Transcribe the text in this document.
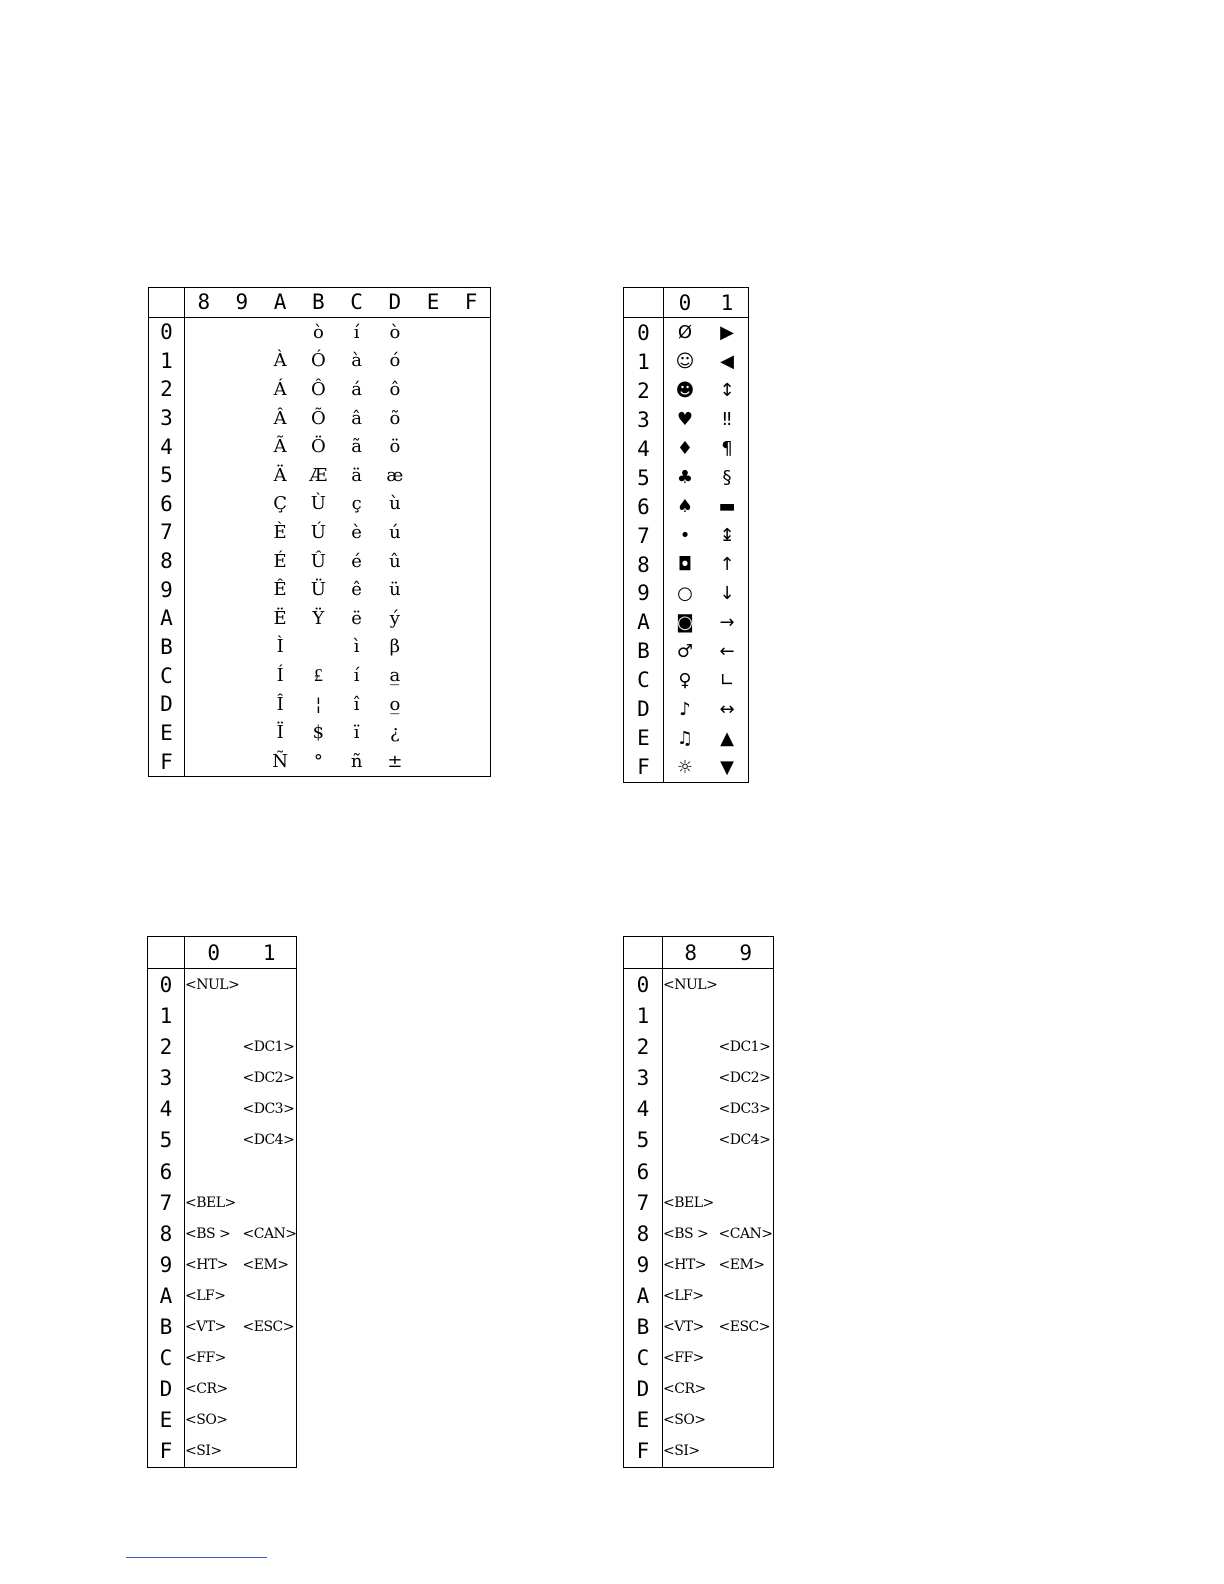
	8	9	A	B	C	D	E	F
0				ò	í	ò		
1			À	Ó	à	ó		
2			Á	Ô	á	ô		
3			Â	Õ	â	õ		
4			Ã	Ö	ã	ö		
5			Ä	Æ	ä	æ		
6			Ç	Ù	ç	ù		
7			È	Ú	è	ú		
8			É	Û	é	û		
9			Ê	Ü	ê	ü		
A			Ë	Ÿ	ë	ý		
B			Ì		ì	β		
C			Í	₤	í	a̲		
D			Î	¦	î	o̲		
E			Ï	$	ï	¿		
F			Ñ	°	ñ	±		
	0	1
0	Ø	▶
1	☺	◀
2	☻	↕
3	♥	‼
4	♦	¶
5	♣	§
6	♠	▬
7	•	↨
8	◘	↑
9	○	↓
A	◙	→
B	♂	←
C	♀	∟
D	♪	↔
E	♫	▲
F	☼	▼
	0	1
0	<NUL>	
1		
2		<DC1>
3		<DC2>
4		<DC3>
5		<DC4>
6		
7	<BEL>	
8	<BS >	<CAN>
9	<HT>	<EM>
A	<LF>	
B	<VT>	<ESC>
C	<FF>	
D	<CR>	
E	<SO>	
F	<SI>	
	8	9
0	<NUL>	
1		
2		<DC1>
3		<DC2>
4		<DC3>
5		<DC4>
6		
7	<BEL>	
8	<BS >	<CAN>
9	<HT>	<EM>
A	<LF>	
B	<VT>	<ESC>
C	<FF>	
D	<CR>	
E	<SO>	
F	<SI>	
